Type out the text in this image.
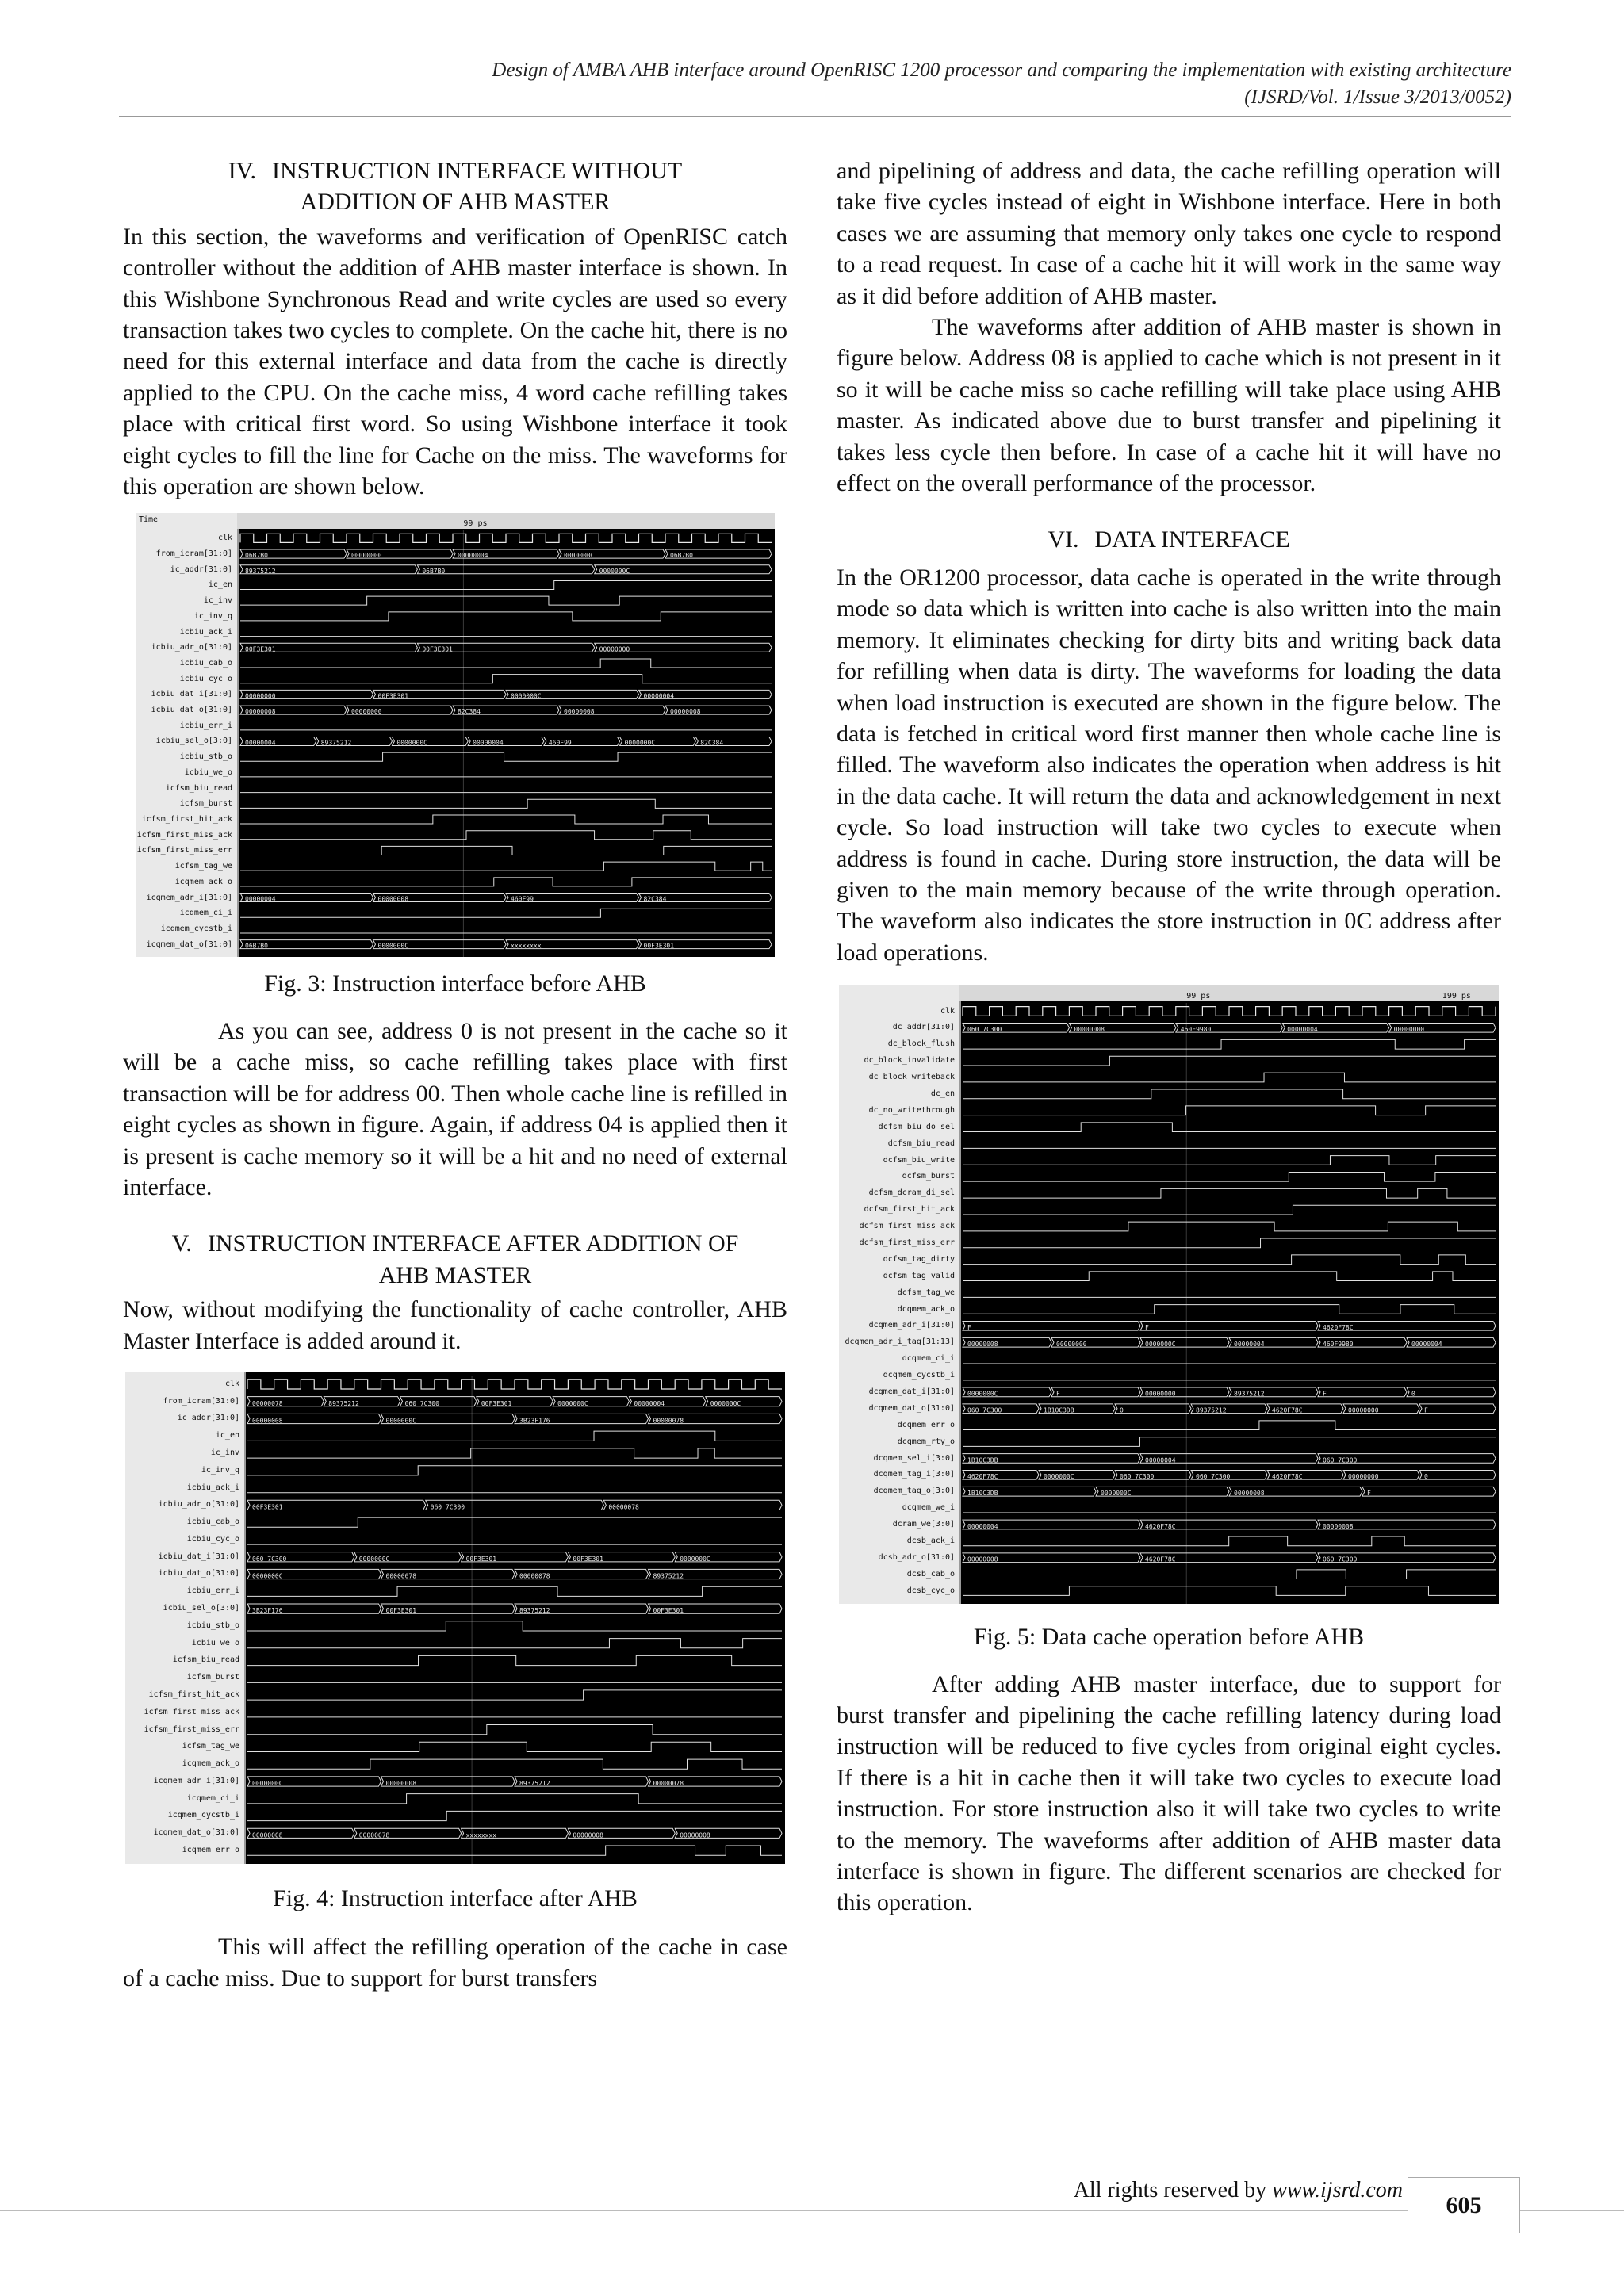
Design of AMBA AHB interface around OpenRISC 1200 processor and comparing the implementation with existing architecture
(IJSRD/Vol. 1/Issue 3/2013/0052)
IV. INSTRUCTION INTERFACE WITHOUT
ADDITION OF AHB MASTER

In this section, the waveforms and verification of OpenRISC catch controller without the addition of AHB master interface is shown. In this Wishbone Synchronous Read and write cycles are used so every transaction takes two cycles to complete. On the cache hit, there is no need for this external interface and data from the cache is directly applied to the CPU. On the cache miss, 4 word cache refilling takes place with critical first word. So using Wishbone interface it took eight cycles to fill the line for Cache on the miss. The waveforms for this operation are shown below.

Time
clk
from_icram[31:0]
ic_addr[31:0]
ic_en
ic_inv
ic_inv_q
icbiu_ack_i
icbiu_adr_o[31:0]
icbiu_cab_o
icbiu_cyc_o
icbiu_dat_i[31:0]
icbiu_dat_o[31:0]
icbiu_err_i
icbiu_sel_o[3:0]
icbiu_stb_o
icbiu_we_o
icfsm_biu_read
icfsm_burst
icfsm_first_hit_ack
icfsm_first_miss_ack
icfsm_first_miss_err
icfsm_tag_we
icqmem_ack_o
icqmem_adr_i[31:0]
icqmem_ci_i
icqmem_cycstb_i
icqmem_dat_o[31:0]
99 ps
06B7B0	00000000	00000004	0000000C	06B7B0
89375212	06B7B0	0000000C
00F3E301	00F3E301	00000000
00000000	00F3E301	0000000C	00000004
00000008	00000000	82C384	00000008	00000008
00000004	89375212	0000000C	00000004	460F99	0000000C	82C384
00000004	00000008	460F99	82C384
06B7B0	0000000C	xxxxxxxx	00F3E301

Fig. 3: Instruction interface before AHB

As you can see, address 0 is not present in the cache so it will be a cache miss, so cache refilling takes place with first transaction will be for address 00. Then whole cache line is refilled in eight cycles as shown in figure. Again, if address 04 is applied then it is present is cache memory so it will be a hit and no need of external interface.

V. INSTRUCTION INTERFACE AFTER ADDITION OF
AHB MASTER

Now, without modifying the functionality of cache controller, AHB Master Interface is added around it.

clk
from_icram[31:0]
ic_addr[31:0]
ic_en
ic_inv
ic_inv_q
icbiu_ack_i
icbiu_adr_o[31:0]
icbiu_cab_o
icbiu_cyc_o
icbiu_dat_i[31:0]
icbiu_dat_o[31:0]
icbiu_err_i
icbiu_sel_o[3:0]
icbiu_stb_o
icbiu_we_o
icfsm_biu_read
icfsm_burst
icfsm_first_hit_ack
icfsm_first_miss_ack
icfsm_first_miss_err
icfsm_tag_we
icqmem_ack_o
icqmem_adr_i[31:0]
icqmem_ci_i
icqmem_cycstb_i
icqmem_dat_o[31:0]
icqmem_err_o
00000078	89375212	060 7C300	00F3E301	0000000C	00000004	0000000C
00000008	0000000C	3B23F176	00000078
00F3E301	060 7C300	00000078
060 7C300	0000000C	00F3E301	00F3E301	0000000C
0000000C	00000078	00000078	89375212
3B23F176	00F3E301	89375212	00F3E301
0000000C	00000008	89375212	00000078
00000008	00000078	xxxxxxxx	00000008	00000008

Fig. 4: Instruction interface after AHB

This will affect the refilling operation of the cache in case of a cache miss. Due to support for burst transfers

and pipelining of address and data, the cache refilling operation will take five cycles instead of eight in Wishbone interface. Here in both cases we are assuming that memory only takes one cycle to respond to a read request. In case of a cache hit it will work in the same way as it did before addition of AHB master.

The waveforms after addition of AHB master is shown in figure below. Address 08 is applied to cache which is not present in it so it will be cache miss so cache refilling will take place using AHB master. As indicated above due to burst transfer and pipelining it takes less cycle then before. In case of a cache hit it will have no effect on the overall performance of the processor.

VI. DATA INTERFACE

In the OR1200 processor, data cache is operated in the write through mode so data which is written into cache is also written into the main memory. It eliminates checking for dirty bits and writing back data for refilling when data is dirty. The waveforms for loading the data when load instruction is executed are shown in the figure below. The data is fetched in critical word first manner then whole cache line is filled. The waveform also indicates the operation when address is hit in the data cache. It will return the data and acknowledgement in next cycle. So load instruction will take two cycles to execute when address is found in cache. During store instruction, the data will be given to the main memory because of the write through operation. The waveform also indicates the store instruction in 0C address after load operations.

clk
dc_addr[31:0]
dc_block_flush
dc_block_invalidate
dc_block_writeback
dc_en
dc_no_writethrough
dcfsm_biu_do_sel
dcfsm_biu_read
dcfsm_biu_write
dcfsm_burst
dcfsm_dcram_di_sel
dcfsm_first_hit_ack
dcfsm_first_miss_ack
dcfsm_first_miss_err
dcfsm_tag_dirty
dcfsm_tag_valid
dcfsm_tag_we
dcqmem_ack_o
dcqmem_adr_i[31:0]
dcqmem_adr_i_tag[31:13]
dcqmem_ci_i
dcqmem_cycstb_i
dcqmem_dat_i[31:0]
dcqmem_dat_o[31:0]
dcqmem_err_o
dcqmem_rty_o
dcqmem_sel_i[3:0]
dcqmem_tag_i[3:0]
dcqmem_tag_o[3:0]
dcqmem_we_i
dcram_we[3:0]
dcsb_ack_i
dcsb_adr_o[31:0]
dcsb_cab_o
dcsb_cyc_o
99 ps	199 ps
060 7C300	00000008	460F9980	00000004	00000000
F	F	4620F78C
00000008	00000000	0000000C	00000004	460F9980	00000004
0000000C	F	00000000	89375212	F	0
060 7C300	1B10C3DB	0	89375212	4620F78C	00000000	F
1B10C3DB	00000004	060 7C300
4620F78C	0000000C	060 7C300	060 7C300	4620F78C	00000000	0
1B10C3DB	0000000C	00000008	F
00000004	4620F78C	00000008
00000008	4620F78C	060 7C300

Fig. 5: Data cache operation before AHB

After adding AHB master interface, due to support for burst transfer and pipelining the cache refilling latency during load instruction will be reduced to five cycles from original eight cycles. If there is a hit in cache then it will take two cycles to execute load instruction. For store instruction also it will take two cycles to write to the memory. The waveforms after addition of AHB master data interface is shown in figure. The different scenarios are checked for this operation.

All rights reserved by www.ijsrd.com
605
